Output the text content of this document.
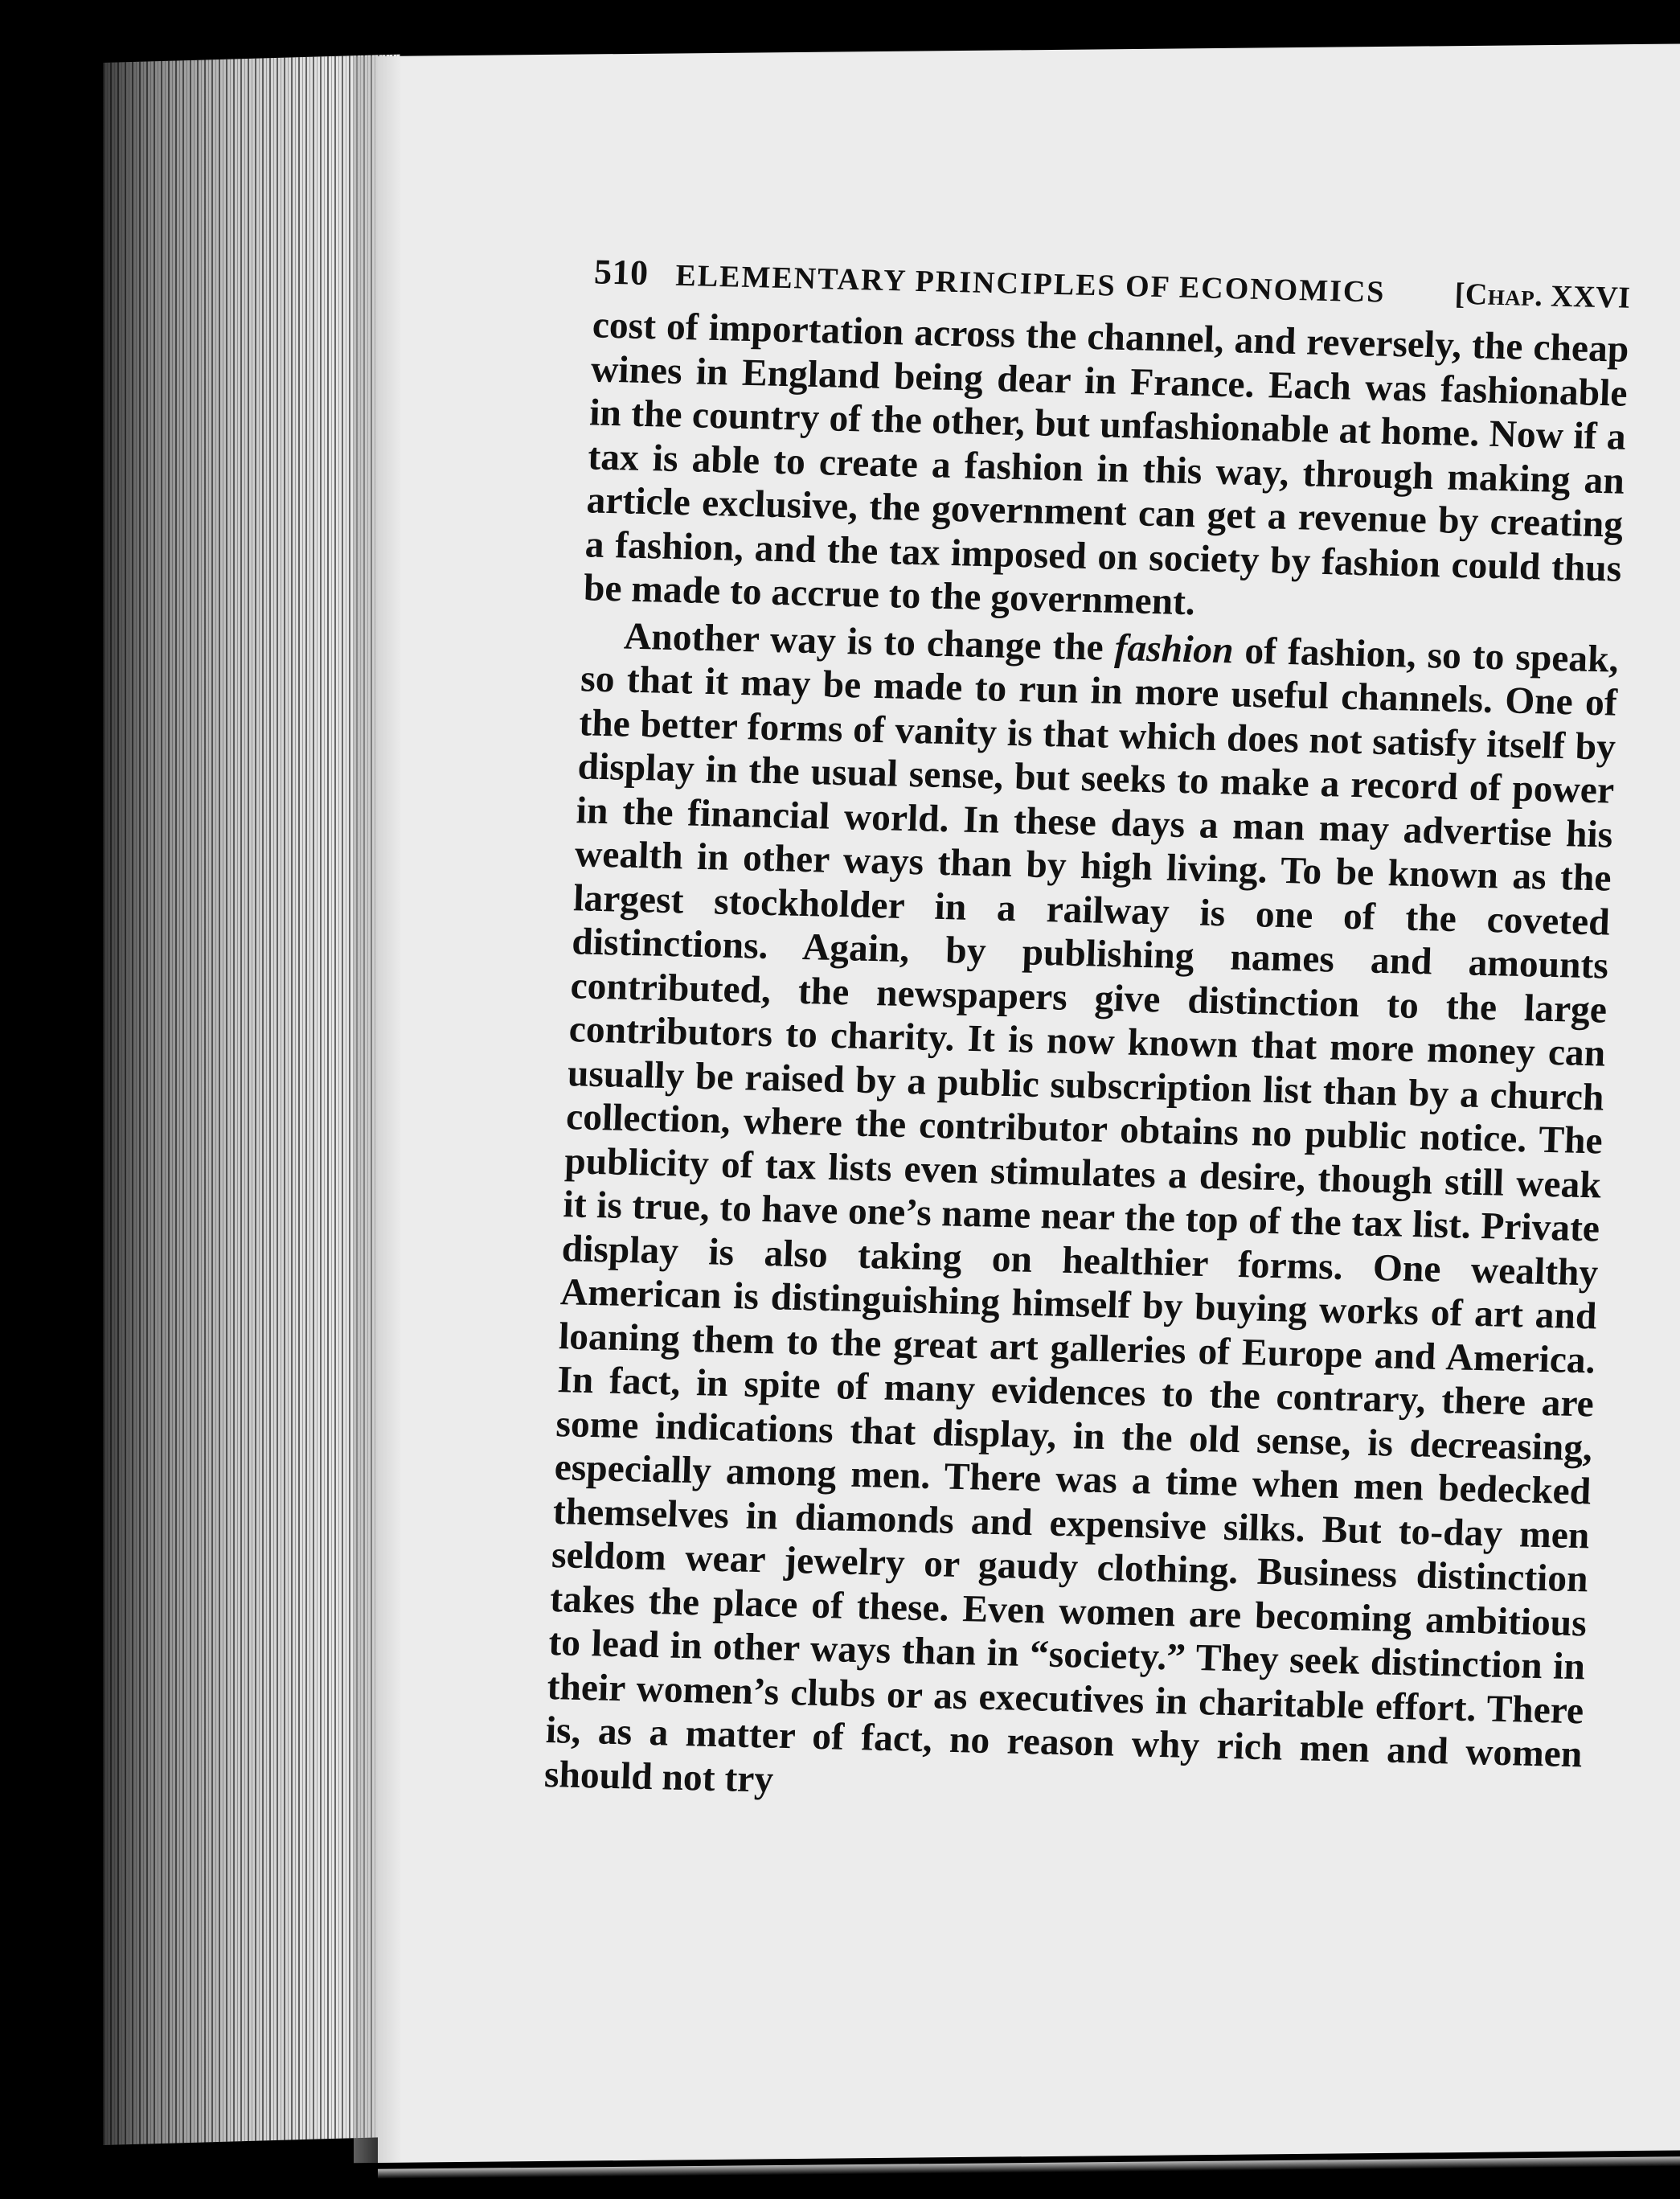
510 ELEMENTARY PRINCIPLES OF ECONOMICS [Chap. XXVI

cost of importation across the channel, and reversely, the cheap wines in England being dear in France. Each was fashionable in the country of the other, but unfashionable at home. Now if a tax is able to create a fashion in this way, through making an article exclusive, the government can get a revenue by creating a fashion, and the tax imposed on society by fashion could thus be made to accrue to the government.

Another way is to change the fashion of fashion, so to speak, so that it may be made to run in more useful channels. One of the better forms of vanity is that which does not satisfy itself by display in the usual sense, but seeks to make a record of power in the financial world. In these days a man may advertise his wealth in other ways than by high living. To be known as the largest stockholder in a railway is one of the coveted distinctions. Again, by publishing names and amounts contributed, the newspapers give distinction to the large contributors to charity. It is now known that more money can usually be raised by a public subscription list than by a church collection, where the contributor obtains no public notice. The publicity of tax lists even stimulates a desire, though still weak it is true, to have one’s name near the top of the tax list. Private display is also taking on healthier forms. One wealthy American is distinguishing himself by buying works of art and loaning them to the great art galleries of Europe and America. In fact, in spite of many evidences to the contrary, there are some indications that display, in the old sense, is decreasing, especially among men. There was a time when men bedecked themselves in diamonds and expensive silks. But to-day men seldom wear jewelry or gaudy clothing. Business distinction takes the place of these. Even women are becoming ambitious to lead in other ways than in “society.” They seek distinction in their women’s clubs or as executives in charitable effort. There is, as a matter of fact, no reason why rich men and women should not try
